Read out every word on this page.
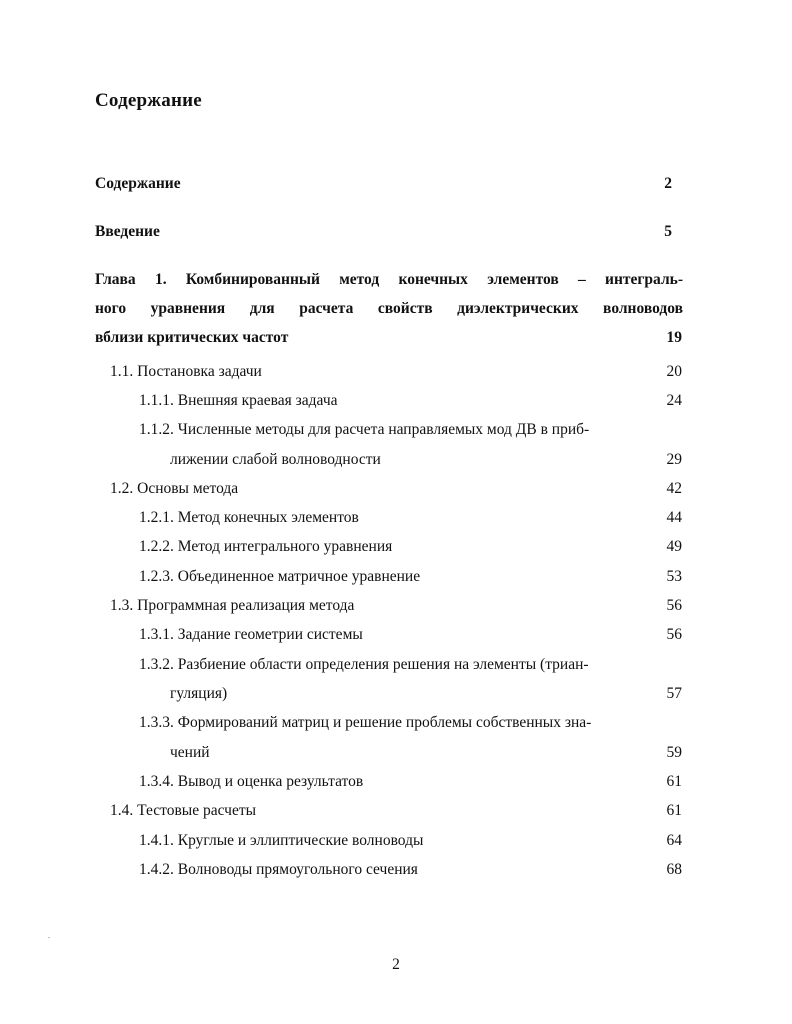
Содержание
Содержание	2
Введение	5
Глава 1. Комбинированный метод конечных элементов – интеграль-
ного уравнения для расчета свойств диэлектрических волноводов
вблизи критических частот	19
1.1. Постановка задачи	20
1.1.1. Внешняя краевая задача	24
1.1.2. Численные методы для расчета направляемых мод ДВ в приб-
лижении слабой волноводности	29
1.2. Основы метода	42
1.2.1. Метод конечных элементов	44
1.2.2. Метод интегрального уравнения	49
1.2.3. Объединенное матричное уравнение	53
1.3. Программная реализация метода	56
1.3.1. Задание геометрии системы	56
1.3.2. Разбиение области определения решения на элементы (триан-
гуляция)	57
1.3.3. Формирований матриц и решение проблемы собственных зна-
чений	59
1.3.4. Вывод и оценка результатов	61
1.4. Тестовые расчеты	61
1.4.1. Круглые и эллиптические волноводы	64
1.4.2. Волноводы прямоугольного сечения	68
2
